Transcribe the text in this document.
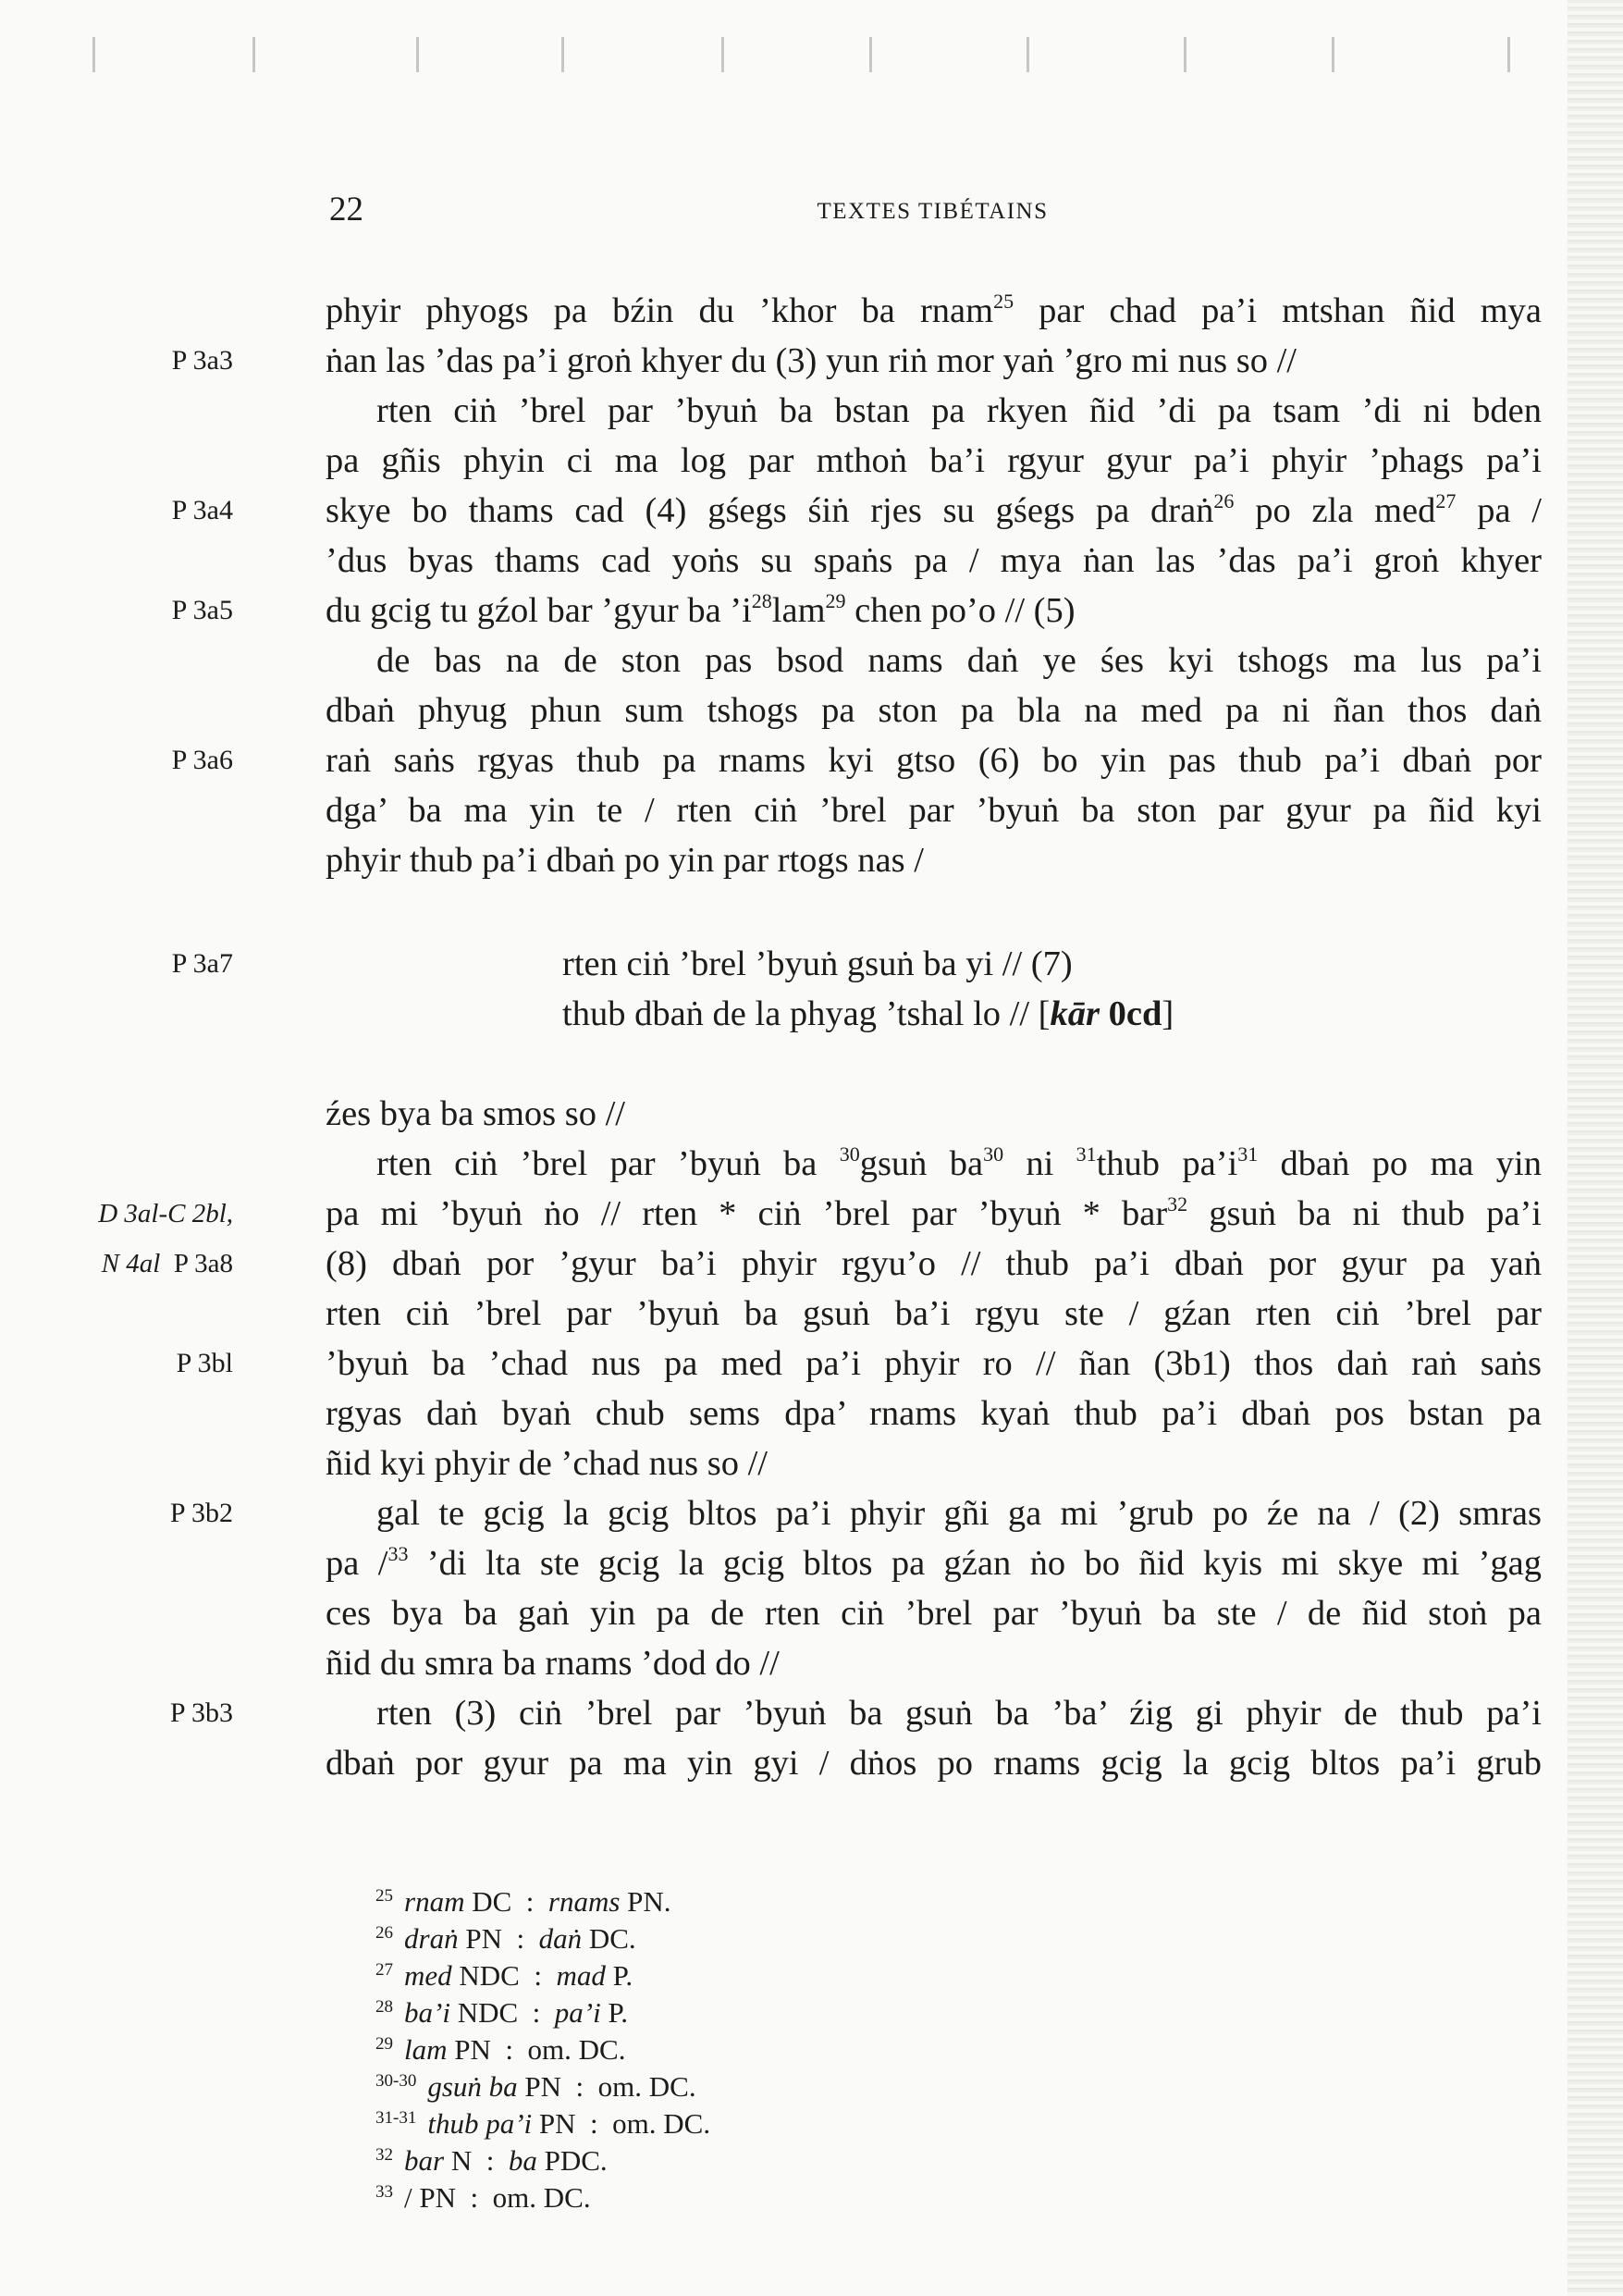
22	TEXTES TIBÉTAINS
phyir phyogs pa bźin du ’khor ba rnam$^{25}$ par chad pa’i mtshan ñid mya
P 3a3	ṅan las ’das pa’i groṅ khyer du (3) yun riṅ mor yaṅ ’gro mi nus so //
rten ciṅ ’brel par ’byuṅ ba bstan pa rkyen ñid ’di pa tsam ’di ni bden
pa gñis phyin ci ma log par mthoṅ ba’i rgyur gyur pa’i phyir ’phags pa’i
P 3a4	skye bo thams cad (4) gśegs śiṅ rjes su gśegs pa draṅ$^{26}$ po zla med$^{27}$ pa /
’dus byas thams cad yoṅs su spaṅs pa / mya ṅan las ’das pa’i groṅ khyer
P 3a5	du gcig tu gźol bar ’gyur ba $’i^{28}lam^{29}$ chen po’o // (5)
de bas na de ston pas bsod nams daṅ ye śes kyi tshogs ma lus pa’i
dbaṅ phyug phun sum tshogs pa ston pa bla na med pa ni ñan thos daṅ
P 3a6	raṅ saṅs rgyas thub pa rnams kyi gtso (6) bo yin pas thub pa’i dbaṅ por
dga’ ba ma yin te / rten ciṅ ’brel par ’byuṅ ba ston par gyur pa ñid kyi
phyir thub pa’i dbaṅ po yin par rtogs nas /
P 3a7	rten ciṅ ’brel ’byuṅ gsuṅ ba yi // (7)
thub dbaṅ de la phyag ’tshal lo // [kār 0cd]
źes bya ba smos so //
rten ciṅ ’brel par ’byuṅ ba $^{30}$gsuṅ $ba^{30}$ ni $^{31}$thub $pa’i^{31}$ dbaṅ po ma yin
D 3al-C 2bl,	pa mi ’byuṅ ṅo // rten * ciṅ ’brel par ’byuṅ * bar$^{32}$ gsuṅ ba ni thub pa’i
N 4al P 3a8	(8) dbaṅ por ’gyur ba’i phyir rgyu’o // thub pa’i dbaṅ por gyur pa yaṅ
rten ciṅ ’brel par ’byuṅ ba gsuṅ ba’i rgyu ste / gźan rten ciṅ ’brel par
P 3bl	’byuṅ ba ’chad nus pa med pa’i phyir ro // ñan (3b1) thos daṅ raṅ saṅs
rgyas daṅ byaṅ chub sems dpa’ rnams kyaṅ thub pa’i dbaṅ pos bstan pa
ñid kyi phyir de ’chad nus so //
P 3b2	gal te gcig la gcig bltos pa’i phyir gñi ga mi ’grub po źe na / (2) smras
pa /$^{33}$ ’di lta ste gcig la gcig bltos pa gźan ṅo bo ñid kyis mi skye mi ’gag
ces bya ba gaṅ yin pa de rten ciṅ ’brel par ’byuṅ ba ste / de ñid stoṅ pa
ñid du smra ba rnams ’dod do //
P 3b3	rten (3) ciṅ ’brel par ’byuṅ ba gsuṅ ba ’ba’ źig gi phyir de thub pa’i
dbaṅ por gyur pa ma yin gyi / dṅos po rnams gcig la gcig bltos pa’i grub
$^{25}$ rnam DC : rnams PN.
$^{26}$ draṅ PN : daṅ DC.
$^{27}$ med NDC : mad P.
$^{28}$ ba’i NDC : pa’i P.
$^{29}$ lam PN : om. DC.
$^{30-30}$ gsuṅ ba PN : om. DC.
$^{31-31}$ thub pa’i PN : om. DC.
$^{32}$ bar N : ba PDC.
$^{33}$ / PN : om. DC.
